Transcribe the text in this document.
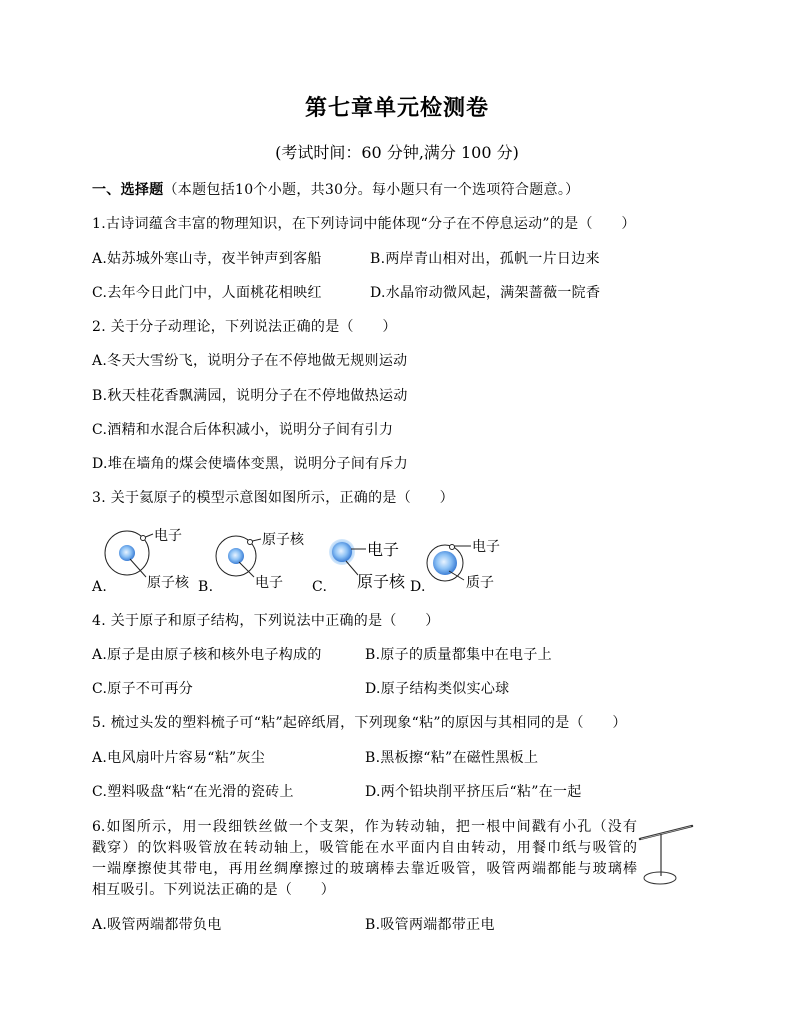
第七章单元检测卷
(考试时间：60 分钟,满分 100 分)
一、选择题（本题包括10个小题，共30分。每小题只有一个选项符合题意。）
1.古诗词蕴含丰富的物理知识，在下列诗词中能体现“分子在不停息运动”的是（　　）
A.姑苏城外寒山寺，夜半钟声到客船	B.两岸青山相对出，孤帆一片日边来
C.去年今日此门中，人面桃花相映红	D.水晶帘动微风起，满架蔷薇一院香
2. 关于分子动理论，下列说法正确的是（　　）
A.冬天大雪纷飞，说明分子在不停地做无规则运动
B.秋天桂花香飘满园，说明分子在不停地做热运动
C.酒精和水混合后体积减小，说明分子间有引力
D.堆在墙角的煤会使墙体变黑，说明分子间有斥力
3. 关于氦原子的模型示意图如图所示，正确的是（　　）
电子
原子核
原子核
电子
电子
原子核
电子
质子
A.	B.	C.	D.
4. 关于原子和原子结构，下列说法中正确的是（　　）
A.原子是由原子核和核外电子构成的	B.原子的质量都集中在电子上
C.原子不可再分	D.原子结构类似实心球
5. 梳过头发的塑料梳子可“粘”起碎纸屑，下列现象“粘”的原因与其相同的是（　　）
A.电风扇叶片容易“粘”灰尘	B.黑板擦“粘”在磁性黑板上
C.塑料吸盘“粘“在光滑的瓷砖上	D.两个铅块削平挤压后“粘”在一起
6.如图所示，用一段细铁丝做一个支架，作为转动轴，把一根中间戳有小孔（没有
戳穿）的饮料吸管放在转动轴上，吸管能在水平面内自由转动，用餐巾纸与吸管的
一端摩擦使其带电，再用丝绸摩擦过的玻璃棒去靠近吸管，吸管两端都能与玻璃棒
相互吸引。下列说法正确的是（　　）
A.吸管两端都带负电	B.吸管两端都带正电
